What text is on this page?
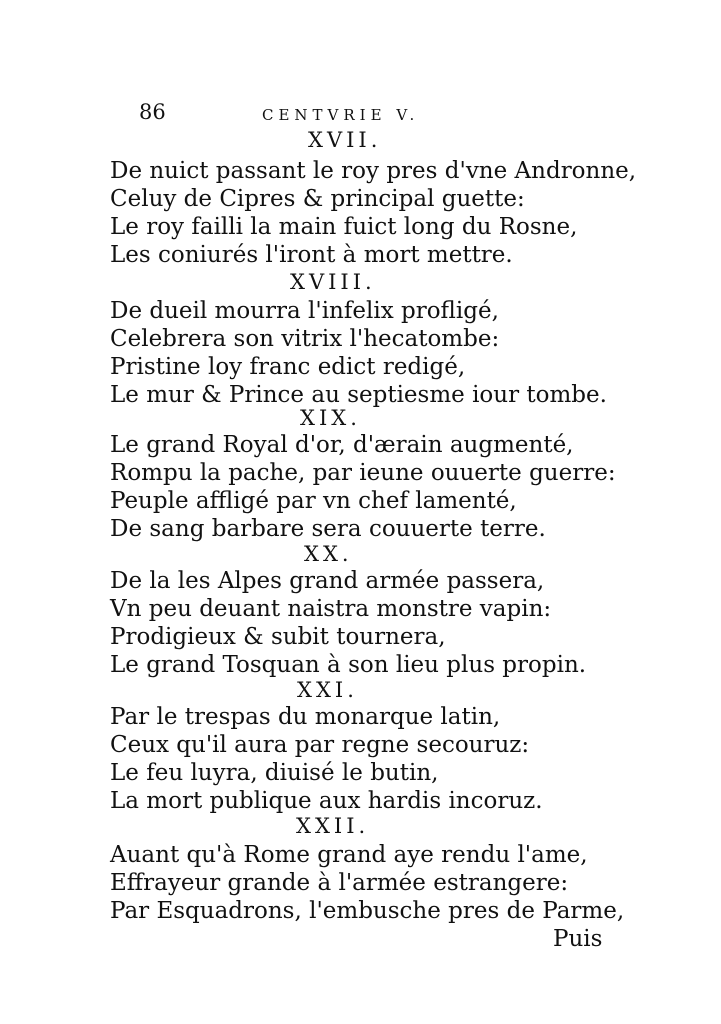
86	CENTVRIE V.
XVII.
De nuict passant le roy pres d'vne Andronne,
Celuy de Cipres & principal guette:
Le roy failli la main fuict long du Rosne,
Les coniurés l'iront à mort mettre.
XVIII.
De dueil mourra l'infelix profligé,
Celebrera son vitrix l'hecatombe:
Pristine loy franc edict redigé,
Le mur & Prince au septiesme iour tombe.
XIX.
Le grand Royal d'or, d'ærain augmenté,
Rompu la pache, par ieune ouuerte guerre:
Peuple affligé par vn chef lamenté,
De sang barbare sera couuerte terre.
XX.
De la les Alpes grand armée passera,
Vn peu deuant naistra monstre vapin:
Prodigieux & subit tournera,
Le grand Tosquan à son lieu plus propin.
XXI.
Par le trespas du monarque latin,
Ceux qu'il aura par regne secouruz:
Le feu luyra, diuisé le butin,
La mort publique aux hardis incoruz.
XXII.
Auant qu'à Rome grand aye rendu l'ame,
Effrayeur grande à l'armée estrangere:
Par Esquadrons, l'embusche pres de Parme,
Puis
